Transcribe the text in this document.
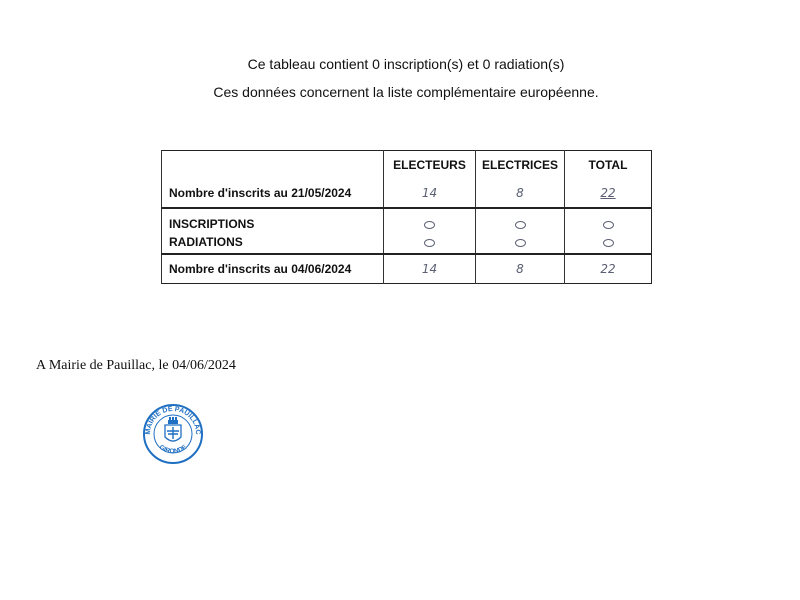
Ce tableau contient 0 inscription(s) et 0 radiation(s)
Ces données concernent la liste complémentaire européenne.
	ELECTEURS	ELECTRICES	TOTAL
Nombre d'inscrits au 21/05/2024	14	8	22
INSCRIPTIONS			
RADIATIONS			
Nombre d'inscrits au 04/06/2024	14	8	22
A Mairie de Pauillac, le 04/06/2024
MAIRIE DE PAUILLAC
GIRONDE
